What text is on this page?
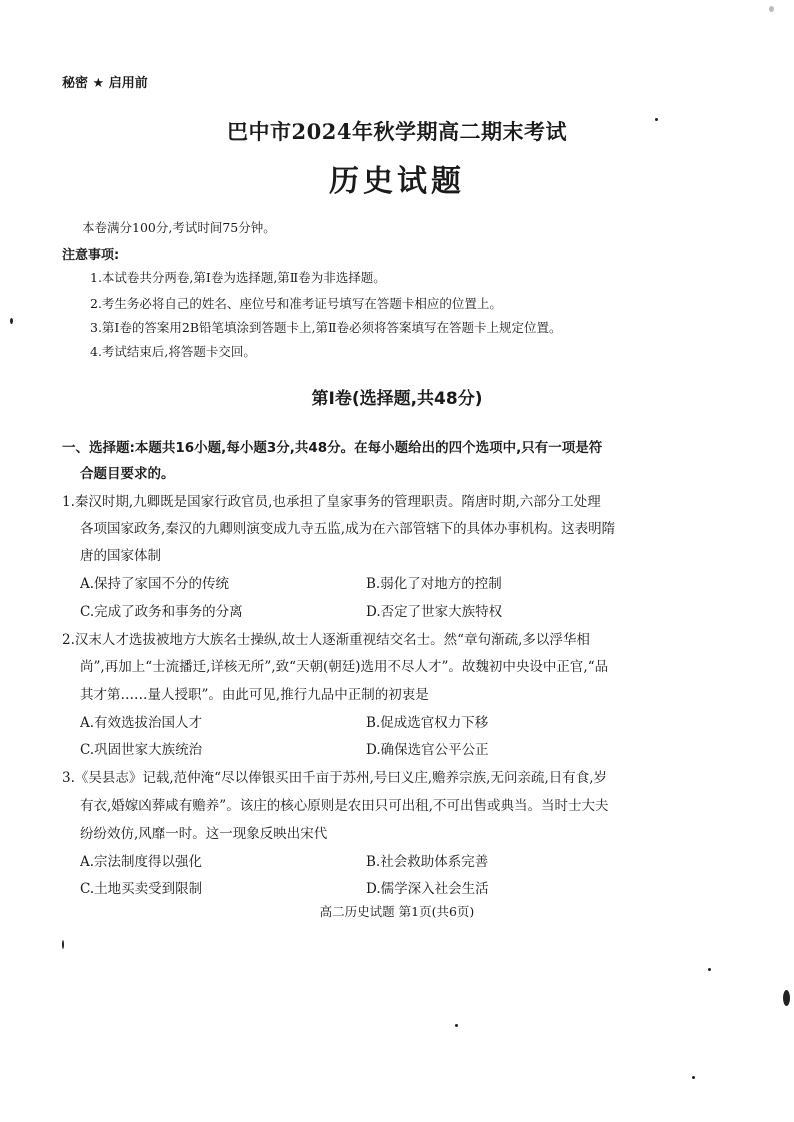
秘密 ★ 启用前
巴中市2024年秋学期高二期末考试
历史试题
本卷满分100分,考试时间75分钟。
注意事项:
1.本试卷共分两卷,第Ⅰ卷为选择题,第Ⅱ卷为非选择题。
2.考生务必将自己的姓名、座位号和准考证号填写在答题卡相应的位置上。
3.第Ⅰ卷的答案用2B铅笔填涂到答题卡上,第Ⅱ卷必须将答案填写在答题卡上规定位置。
4.考试结束后,将答题卡交回。
第Ⅰ卷(选择题,共48分)
一、选择题:本题共16小题,每小题3分,共48分。在每小题给出的四个选项中,只有一项是符
合题目要求的。
1.秦汉时期,九卿既是国家行政官员,也承担了皇家事务的管理职责。隋唐时期,六部分工处理
各项国家政务,秦汉的九卿则演变成九寺五监,成为在六部管辖下的具体办事机构。这表明隋
唐的国家体制
A.保持了家国不分的传统	B.弱化了对地方的控制
C.完成了政务和事务的分离	D.否定了世家大族特权
2.汉末人才选拔被地方大族名士操纵,故士人逐渐重视结交名士。然“章句渐疏,多以浮华相
尚”,再加上“士流播迁,详核无所”,致“天朝(朝廷)选用不尽人才”。故魏初中央设中正官,“品
其才第……量人授职”。由此可见,推行九品中正制的初衷是
A.有效选拔治国人才	B.促成选官权力下移
C.巩固世家大族统治	D.确保选官公平公正
3.《吴县志》记载,范仲淹“尽以俸银买田千亩于苏州,号曰义庄,赡养宗族,无问亲疏,日有食,岁
有衣,婚嫁凶葬咸有赡养”。该庄的核心原则是农田只可出租,不可出售或典当。当时士大夫
纷纷效仿,风靡一时。这一现象反映出宋代
A.宗法制度得以强化	B.社会救助体系完善
C.土地买卖受到限制	D.儒学深入社会生活
高二历史试题 第1页(共6页)
